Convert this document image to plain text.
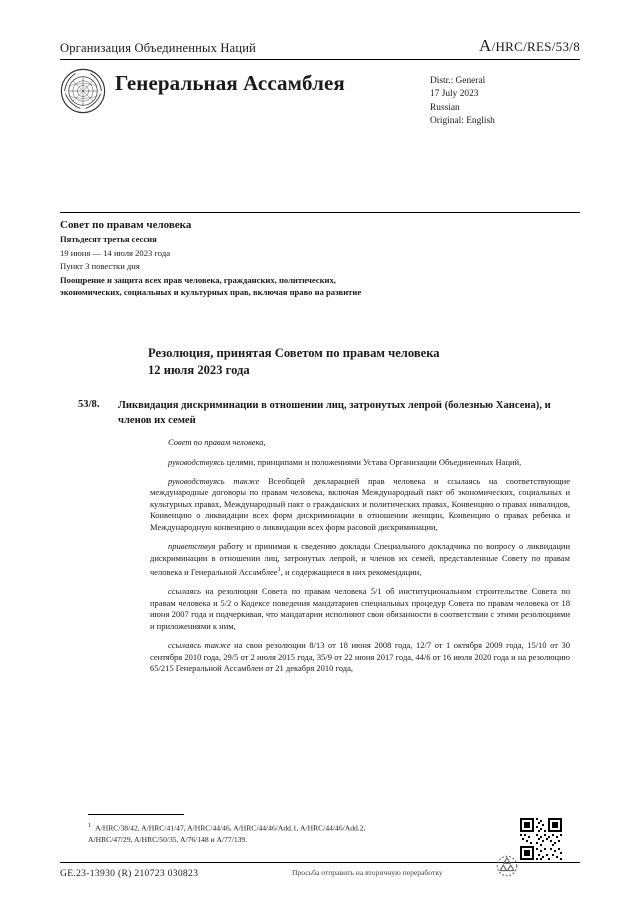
Организация Объединенных Наций	A/HRC/RES/53/8
Генеральная Ассамблея	Distr.: General
17 July 2023
Russian
Original: English
Совет по правам человека
Пятьдесят третья сессия
19 июня — 14 июля 2023 года
Пункт 3 повестки дня
Поощрение и защита всех прав человека, гражданских, политических, экономических, социальных и культурных прав, включая право на развитие
Резолюция, принятая Советом по правам человека
12 июля 2023 года
53/8. Ликвидация дискриминации в отношении лиц, затронутых лепрой (болезнью Хансена), и членов их семей

Совет по правам человека,

руководствуясь целями, принципами и положениями Устава Организации Объединенных Наций,

руководствуясь также Всеобщей декларацией прав человека и ссылаясь на соответствующие международные договоры по правам человека, включая Международный пакт об экономических, социальных и культурных правах, Международный пакт о гражданских и политических правах, Конвенцию о правах инвалидов, Конвенцию о ликвидации всех форм дискриминации в отношении женщин, Конвенцию о правах ребенка и Международную конвенцию о ликвидации всех форм расовой дискриминации,

приветствуя работу и принимая к сведению доклады Специального докладчика по вопросу о ликвидации дискриминации в отношении лиц, затронутых лепрой, и членов их семей, представленные Совету по правам человека и Генеральной Ассамблее$^1$, и содержащиеся в них рекомендации,

ссылаясь на резолюции Совета по правам человека 5/1 об институциональном строительстве Совета по правам человека и 5/2 о Кодексе поведения мандатариев специальных процедур Совета по правам человека от 18 июня 2007 года и подчеркивая, что мандатарии исполняют свои обязанности в соответствии с этими резолюциями и приложениями к ним,

ссылаясь также на свои резолюции 8/13 от 18 июня 2008 года, 12/7 от 1 октября 2009 года, 15/10 от 30 сентября 2010 года, 29/5 от 2 июля 2015 года, 35/9 от 22 июня 2017 года, 44/6 от 16 июля 2020 года и на резолюцию 65/215 Генеральной Ассамблеи от 21 декабря 2010 года,

$^1$ A/HRC/38/42, A/HRC/41/47, A/HRC/44/46, A/HRC/44/46/Add.1, A/HRC/44/46/Add.2,
A/HRC/47/29, A/HRC/50/35, A/76/148 и A/77/139.
GE.23-13930 (R) 210723 030823	Просьба отправить на вторичную переработку
